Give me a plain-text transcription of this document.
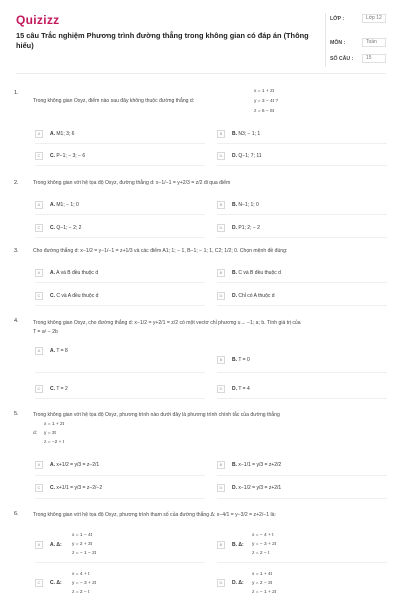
Quizizz
15 câu Trắc nghiệm Phương trình đường thẳng trong không gian có đáp án (Thông hiểu)
LỚP :	Lớp 12
MÔN :	Toán
SỐ CÂU :	15
1.
Trong không gian Oxyz, điểm nào sau đây không thuộc đường thẳng d:
x = 1 + 2t
y = 3 − 4t ?
z = 6 − 5t
A	A. M1; 3; 6	B	B. N3; − 1; 1
C	C. P−1; − 3; − 6	D	D. Q−1; 7; 11
2.	Trong không gian với hệ tọa độ Oxyz, đường thẳng d: x−1/−1 = y+2/3 = z/2 đi qua điểm
A	A. M1; − 1; 0	B	B. N−1; 1; 0
C	C. Q−1; − 2; 2	D	D. P1; 2; − 2
3.	Cho đường thẳng d: x−1/2 = y−1/−1 = z+1/3 và các điểm A1; 1; − 1, B−1; − 1; 1, C2; 1/2; 0. Chọn mệnh đề đúng:
A	A. A và B đều thuộc d	B	B. C và B đều thuộc d
C	C. C và A đều thuộc d	D	D. Chỉ có A thuộc d
4.	Trong không gian Oxyz, cho đường thẳng d: x−1/2 = y+2/1 = z/2 có một vectơ chỉ phương u→ −1; a; b. Tính giá trị của
T = a² − 2b
A	A. T = 8
B	B. T = 0
C	C. T = 2	D	D. T = 4
5.	Trong không gian với hệ tọa độ Oxyz, phương trình nào dưới đây là phương trình chính tắc của đường thẳng
x = 1 + 2t
d: y = 3t
z = −2 + t
A	A. x+1/2 = y/3 = z−2/1	B	B. x−1/1 = y/3 = z+2/2
C	C. x+1/1 = y/3 = z−2/−2	D	D. x−1/2 = y/3 = z+2/1
6.	Trong không gian với hệ tọa độ Oxyz, phương trình tham số của đường thẳng Δ: x−4/1 = y−3/2 = z+2/−1 là:
A	A. Δ:
x = 1 − 4t
y = 2 + 3t
z = − 1 − 2t
B	B. Δ:
x = − 4 + t
y = − 3 + 2t
z = 2 − t
C	C. Δ:
x = 4 + t
y = − 3 + 2t
z = 2 − t
D	D. Δ:
x = 1 + 4t
y = 2 − 3t
z = − 1 + 2t
